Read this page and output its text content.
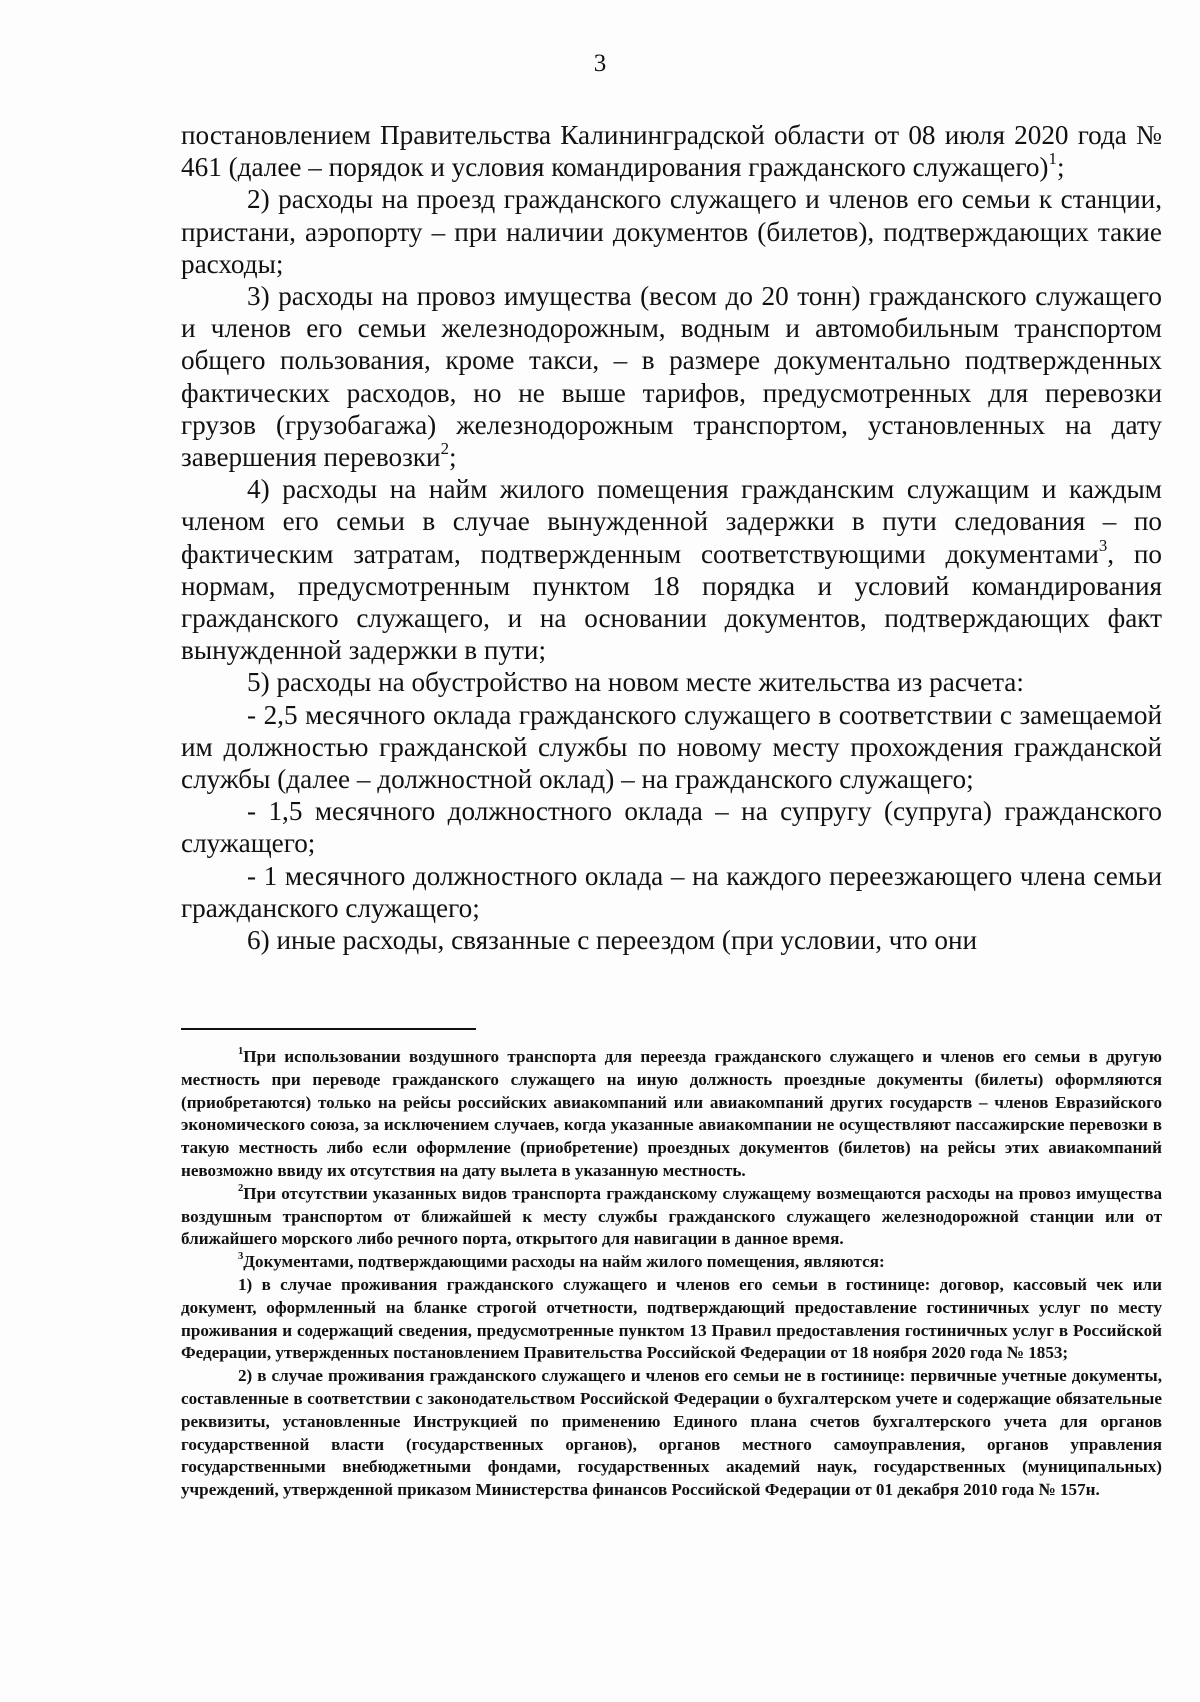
3

постановлением Правительства Калининградской области от 08 июля 2020 года № 461 (далее – порядок и условия командирования гражданского служащего)$^1$;

2) расходы на проезд гражданского служащего и членов его семьи к станции, пристани, аэропорту – при наличии документов (билетов), подтверждающих такие расходы;

3) расходы на провоз имущества (весом до 20 тонн) гражданского служащего и членов его семьи железнодорожным, водным и автомобильным транспортом общего пользования, кроме такси, – в размере документально подтвержденных фактических расходов, но не выше тарифов, предусмотренных для перевозки грузов (грузобагажа) железнодорожным транспортом, установленных на дату завершения перевозки$^2$;

4) расходы на найм жилого помещения гражданским служащим и каждым членом его семьи в случае вынужденной задержки в пути следования – по фактическим затратам, подтвержденным соответствующими документами$^3$, по нормам, предусмотренным пунктом 18 порядка и условий командирования гражданского служащего, и на основании документов, подтверждающих факт вынужденной задержки в пути;

5) расходы на обустройство на новом месте жительства из расчета:

- 2,5 месячного оклада гражданского служащего в соответствии с замещаемой им должностью гражданской службы по новому месту прохождения гражданской службы (далее – должностной оклад) – на гражданского служащего;

- 1,5 месячного должностного оклада – на супругу (супруга) гражданского служащего;

- 1 месячного должностного оклада – на каждого переезжающего члена семьи гражданского служащего;

6) иные расходы, связанные с переездом (при условии, что они

$^1$При использовании воздушного транспорта для переезда гражданского служащего и членов его семьи в другую местность при переводе гражданского служащего на иную должность проездные документы (билеты) оформляются (приобретаются) только на рейсы российских авиакомпаний или авиакомпаний других государств – членов Евразийского экономического союза, за исключением случаев, когда указанные авиакомпании не осуществляют пассажирские перевозки в такую местность либо если оформление (приобретение) проездных документов (билетов) на рейсы этих авиакомпаний невозможно ввиду их отсутствия на дату вылета в указанную местность.

$^2$При отсутствии указанных видов транспорта гражданскому служащему возмещаются расходы на провоз имущества воздушным транспортом от ближайшей к месту службы гражданского служащего железнодорожной станции или от ближайшего морского либо речного порта, открытого для навигации в данное время.

$^3$Документами, подтверждающими расходы на найм жилого помещения, являются:

1) в случае проживания гражданского служащего и членов его семьи в гостинице: договор, кассовый чек или документ, оформленный на бланке строгой отчетности, подтверждающий предоставление гостиничных услуг по месту проживания и содержащий сведения, предусмотренные пунктом 13 Правил предоставления гостиничных услуг в Российской Федерации, утвержденных постановлением Правительства Российской Федерации от 18 ноября 2020 года № 1853;

2) в случае проживания гражданского служащего и членов его семьи не в гостинице: первичные учетные документы, составленные в соответствии с законодательством Российской Федерации о бухгалтерском учете и содержащие обязательные реквизиты, установленные Инструкцией по применению Единого плана счетов бухгалтерского учета для органов государственной власти (государственных органов), органов местного самоуправления, органов управления государственными внебюджетными фондами, государственных академий наук, государственных (муниципальных) учреждений, утвержденной приказом Министерства финансов Российской Федерации от 01 декабря 2010 года № 157н.
